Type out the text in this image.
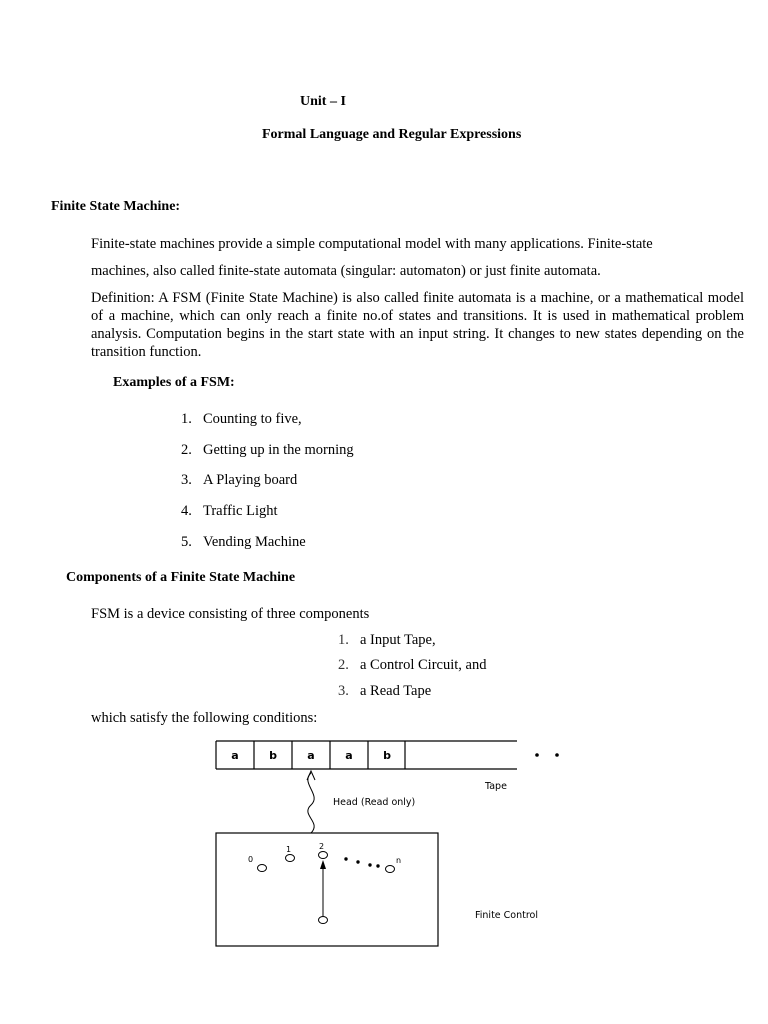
Unit – I
Formal Language and Regular Expressions
Finite State Machine:
Finite-state machines provide a simple computational model with many applications. Finite-state
machines, also called finite-state automata (singular: automaton) or just finite automata.
Definition: A FSM (Finite State Machine) is also called finite automata is a machine, or a mathematical model of a machine, which can only reach a finite no.of states and transitions. It is used in mathematical problem analysis. Computation begins in the start state with an input string. It changes to new states depending on the transition function.
Examples of a FSM:
1. Counting to five,
2. Getting up in the morning
3. A Playing board
4. Traffic Light
5. Vending Machine
Components of a Finite State Machine
FSM is a device consisting of three components
1. a Input Tape,
2. a Control Circuit, and
3. a Read Tape
which satisfy the following conditions:
a	b	a	a	b
Tape
Head (Read only)
Finite Control
0
1	2
n
